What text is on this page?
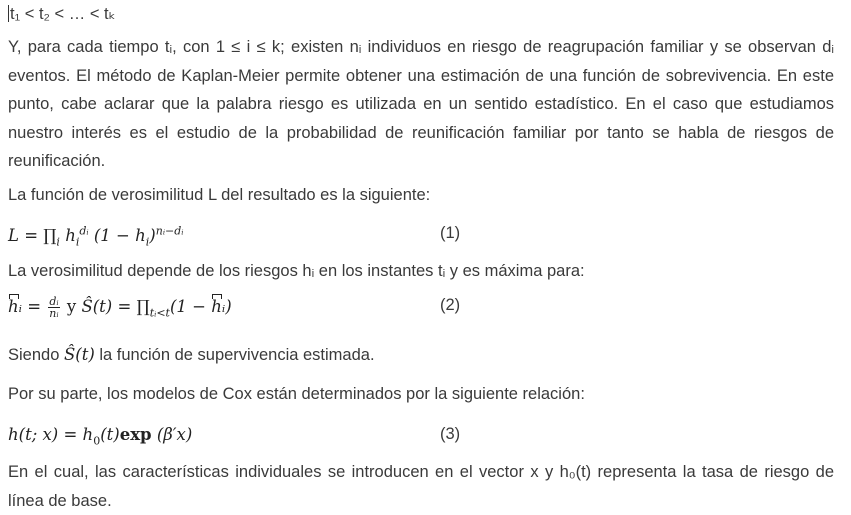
t₁ < t₂ < … < tₖ
Y, para cada tiempo tᵢ, con 1 ≤ i ≤ k; existen nᵢ individuos en riesgo de reagrupación familiar y se observan dᵢ eventos. El método de Kaplan-Meier permite obtener una estimación de una función de sobrevivencia. En este punto, cabe aclarar que la palabra riesgo es utilizada en un sentido estadístico. En el caso que estudiamos nuestro interés es el estudio de la probabilidad de reunificación familiar por tanto se habla de riesgos de reunificación.
La función de verosimilitud L del resultado es la siguiente:
$L = \prod_i$ $h_i^{dᵢ}$ $(1 - h_i)^{nᵢ-dᵢ}$	(1)
La verosimilitud depende de los riesgos hᵢ en los instantes tᵢ y es máxima para:
hᵢ = $\frac{\text{dᵢ}}{\text{nᵢ}}$ y Ŝ(t) = $\prod_{tᵢ<t}(1$ − hᵢ)	(2)
Siendo Ŝ(t) la función de supervivencia estimada.
Por su parte, los modelos de Cox están determinados por la siguiente relación:
h(t; $x) = h_0(t)\exp$ (β′x)	(3)
En el cual, las características individuales se introducen en el vector x y h₀(t) representa la tasa de riesgo de línea de base.
